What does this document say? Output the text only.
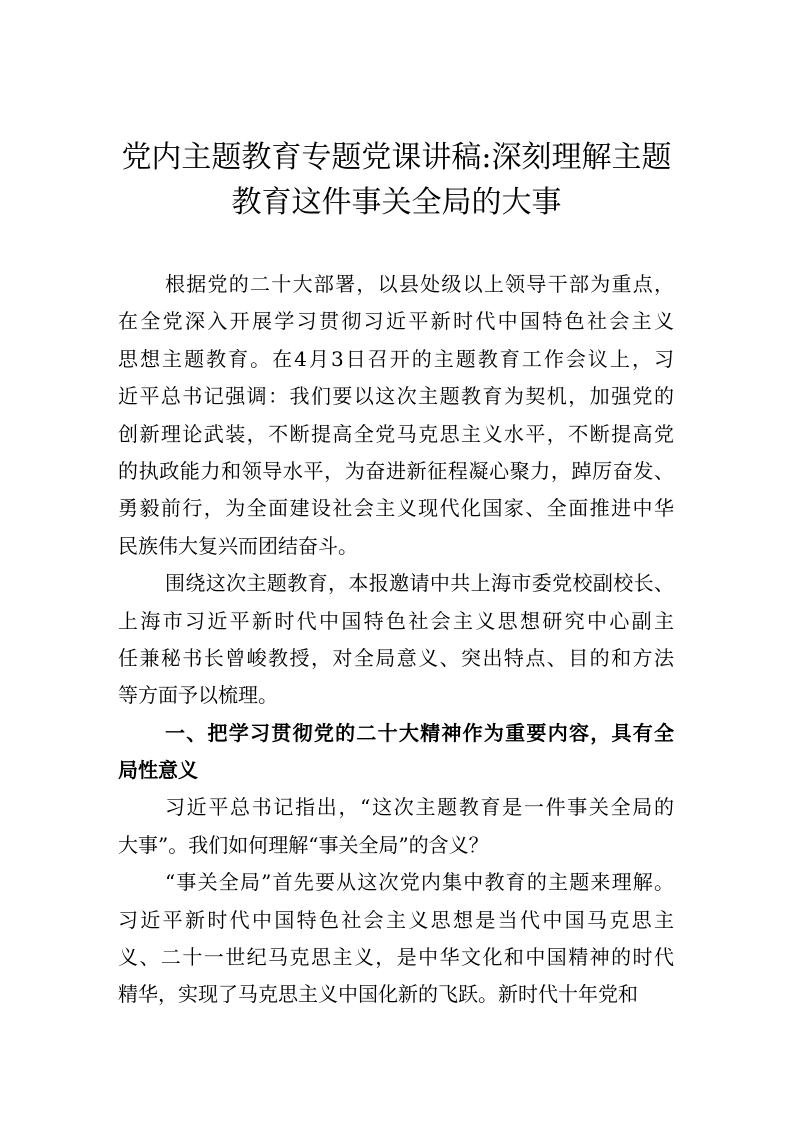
党内主题教育专题党课讲稿:深刻理解主题
教育这件事关全局的大事
根据党的二十大部署，以县处级以上领导干部为重点，
在全党深入开展学习贯彻习近平新时代中国特色社会主义
思想主题教育。在4月3日召开的主题教育工作会议上，习
近平总书记强调：我们要以这次主题教育为契机，加强党的
创新理论武装，不断提高全党马克思主义水平，不断提高党
的执政能力和领导水平，为奋进新征程凝心聚力，踔厉奋发、
勇毅前行，为全面建设社会主义现代化国家、全面推进中华
民族伟大复兴而团结奋斗。
围绕这次主题教育，本报邀请中共上海市委党校副校长、
上海市习近平新时代中国特色社会主义思想研究中心副主
任兼秘书长曾峻教授，对全局意义、突出特点、目的和方法
等方面予以梳理。
一、把学习贯彻党的二十大精神作为重要内容，具有全
局性意义
习近平总书记指出，“这次主题教育是一件事关全局的
大事”。我们如何理解“事关全局”的含义？
“事关全局”首先要从这次党内集中教育的主题来理解。
习近平新时代中国特色社会主义思想是当代中国马克思主
义、二十一世纪马克思主义，是中华文化和中国精神的时代
精华，实现了马克思主义中国化新的飞跃。新时代十年党和
